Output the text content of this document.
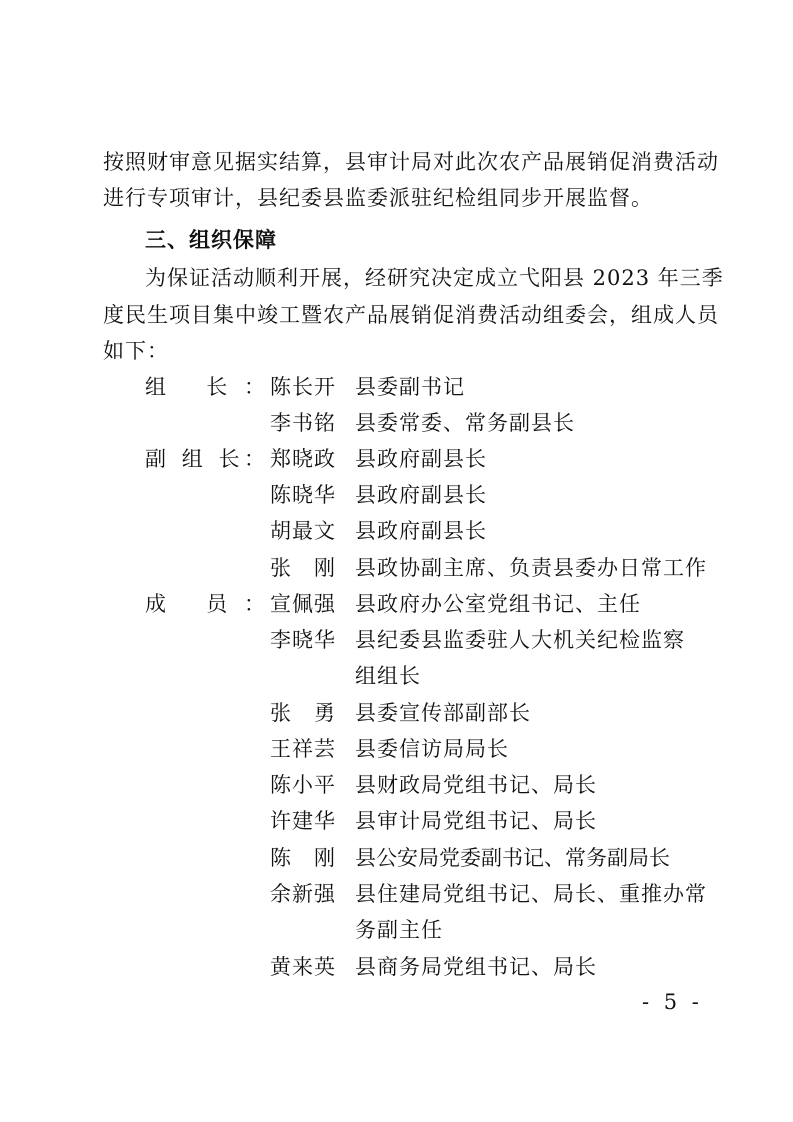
按照财审意见据实结算，县审计局对此次农产品展销促消费活动
进行专项审计，县纪委县监委派驻纪检组同步开展监督。
三、组织保障
为保证活动顺利开展，经研究决定成立弋阳县 2023 年三季
度民生项目集中竣工暨农产品展销促消费活动组委会，组成人员
如下：
组 长： 陈长开 县委副书记
李书铭 县委常委、常务副县长
副 组 长： 郑晓政 县政府副县长
陈晓华 县政府副县长
胡最文 县政府副县长
张　刚 县政协副主席、负责县委办日常工作
成 员： 宣佩强 县政府办公室党组书记、主任
李晓华 县纪委县监委驻人大机关纪检监察
组组长
张　勇 县委宣传部副部长
王祥芸 县委信访局局长
陈小平 县财政局党组书记、局长
许建华 县审计局党组书记、局长
陈　刚 县公安局党委副书记、常务副局长
余新强 县住建局党组书记、局长、重推办常
务副主任
黄来英 县商务局党组书记、局长
- 5 -
